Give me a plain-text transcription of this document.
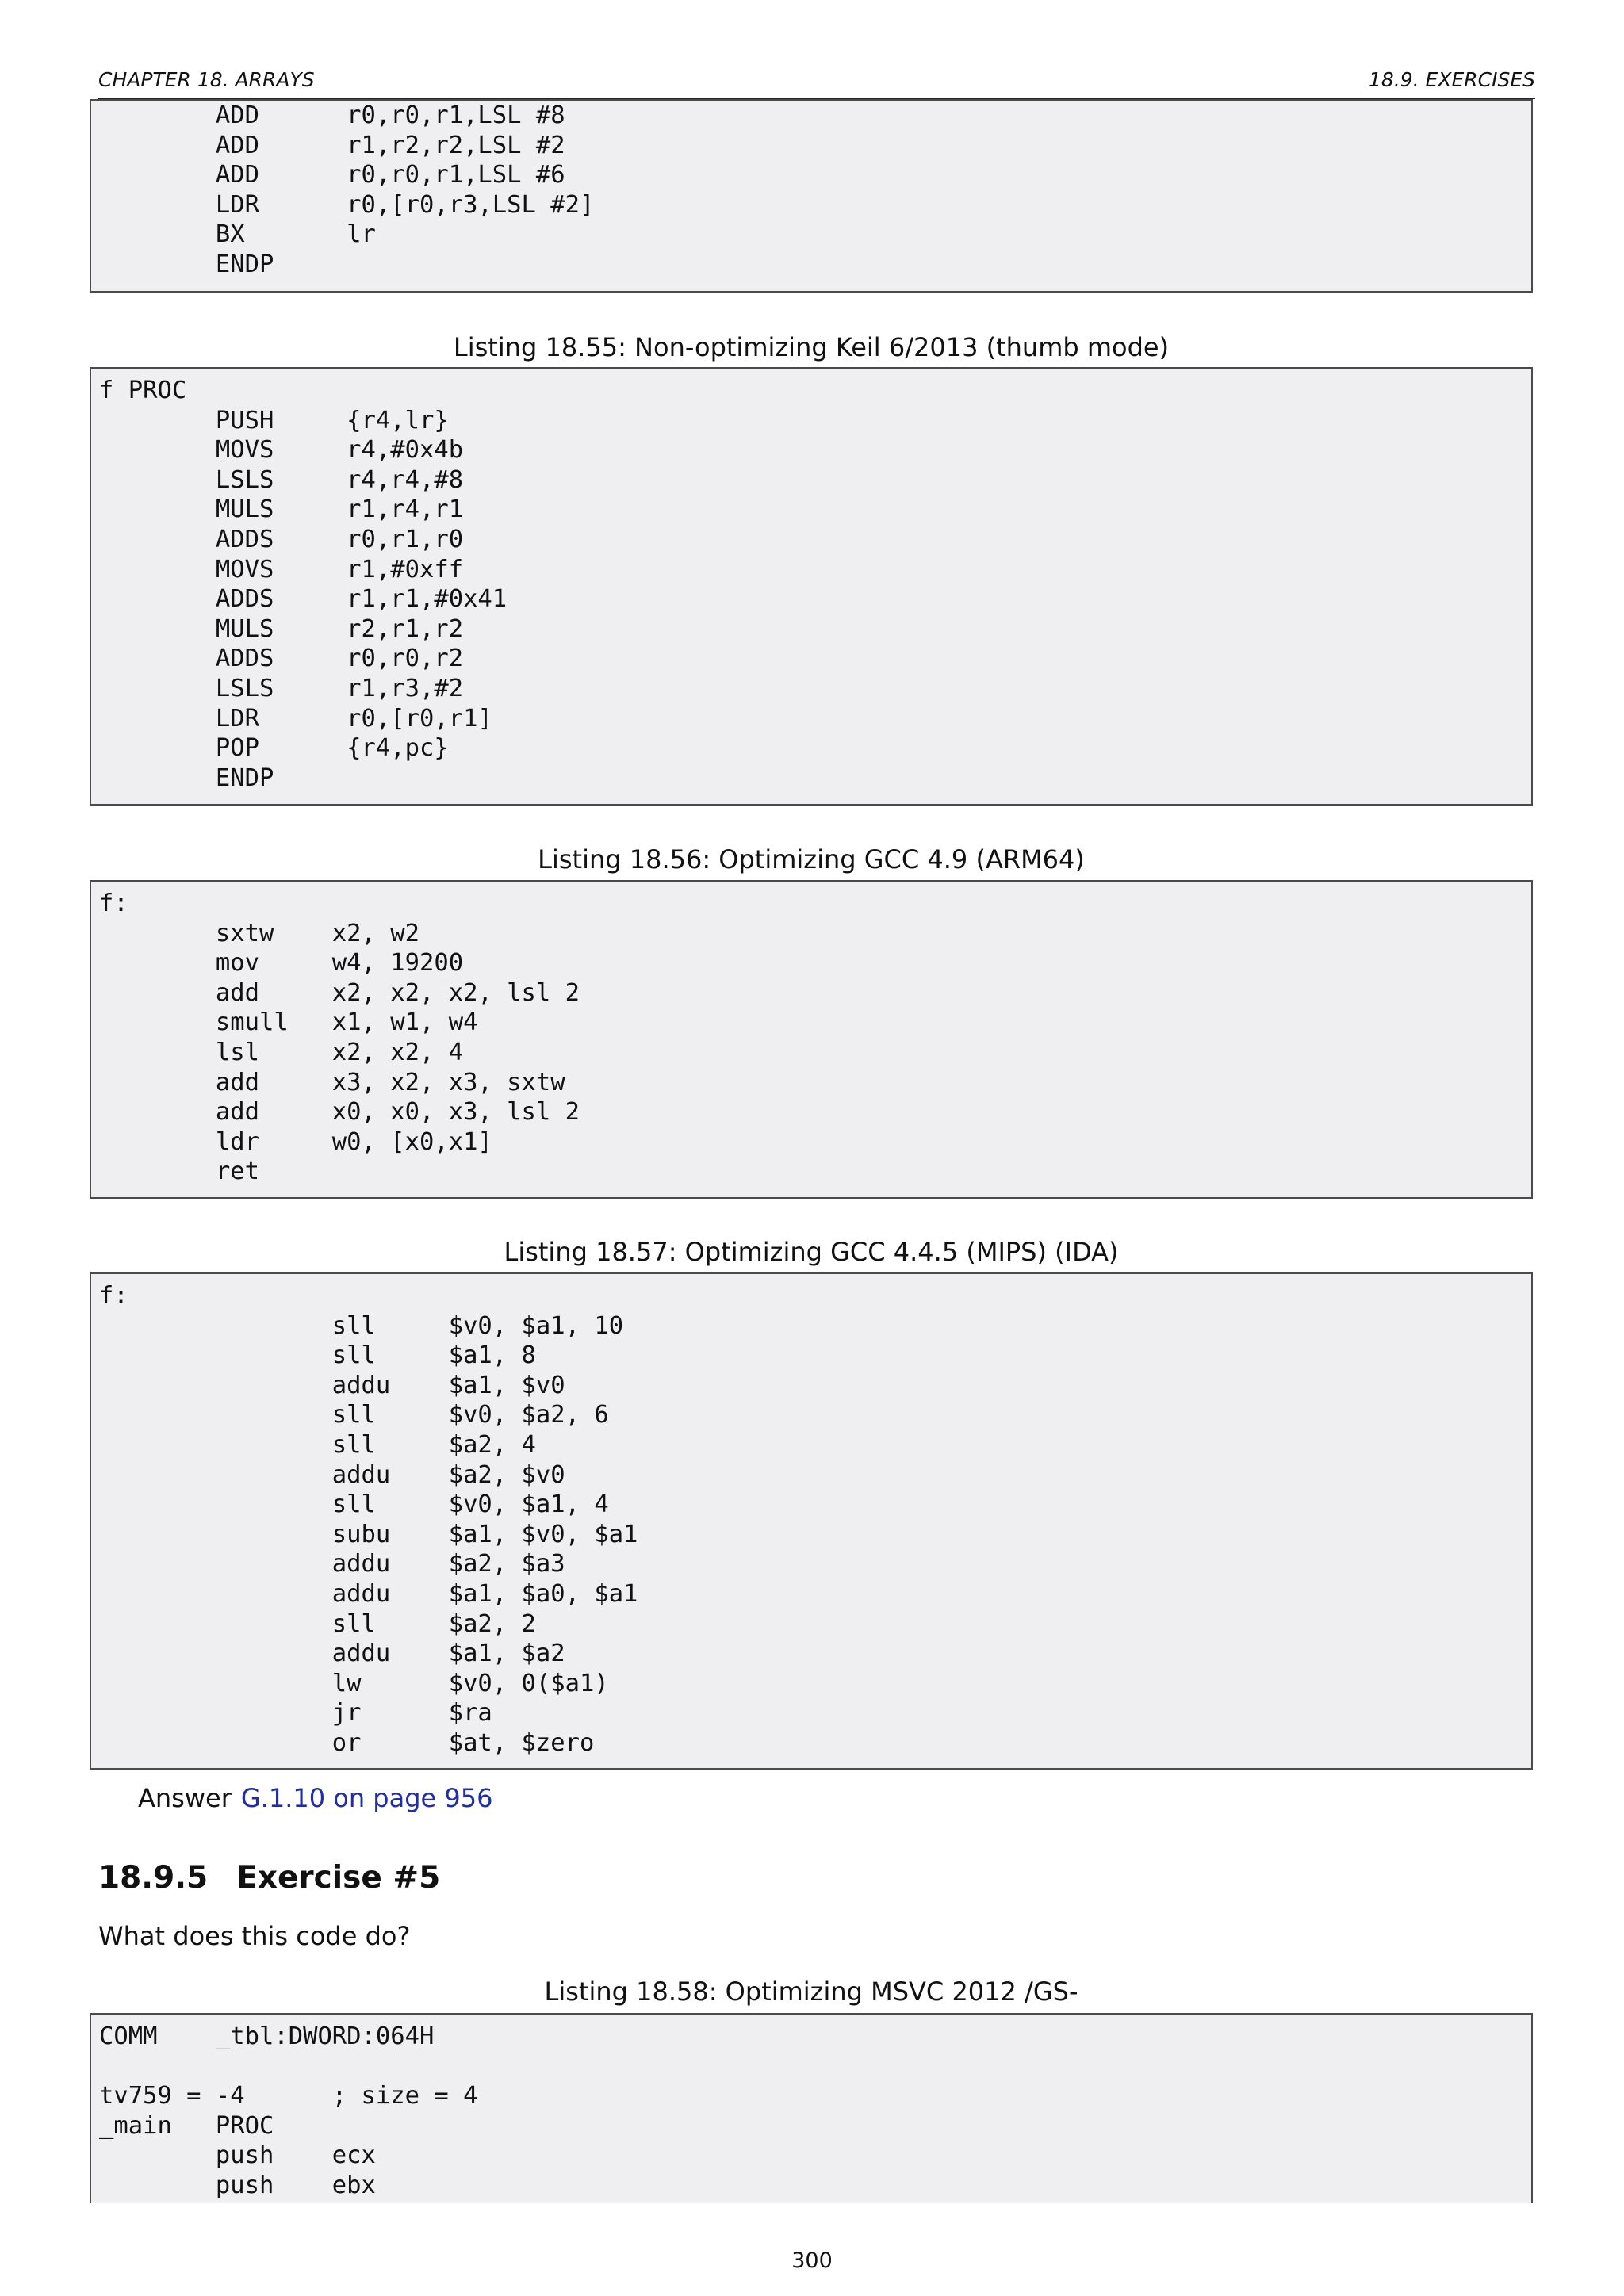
CHAPTER 18. ARRAYS	18.9. EXERCISES
ADD      r0,r0,r1,LSL #8
ADD      r1,r2,r2,LSL #2
ADD      r0,r0,r1,LSL #6
LDR      r0,[r0,r3,LSL #2]
BX       lr
ENDP
Listing 18.55: Non-optimizing Keil 6/2013 (thumb mode)
f PROC
PUSH     {r4,lr}
MOVS     r4,#0x4b
LSLS     r4,r4,#8
MULS     r1,r4,r1
ADDS     r0,r1,r0
MOVS     r1,#0xff
ADDS     r1,r1,#0x41
MULS     r2,r1,r2
ADDS     r0,r0,r2
LSLS     r1,r3,#2
LDR      r0,[r0,r1]
POP      {r4,pc}
ENDP
Listing 18.56: Optimizing GCC 4.9 (ARM64)
f:
sxtw    x2, w2
mov     w4, 19200
add     x2, x2, x2, lsl 2
smull   x1, w1, w4
lsl     x2, x2, 4
add     x3, x2, x3, sxtw
add     x0, x0, x3, lsl 2
ldr     w0, [x0,x1]
ret
Listing 18.57: Optimizing GCC 4.4.5 (MIPS) (IDA)
f:
sll     $v0, $a1, 10
sll     $a1, 8
addu    $a1, $v0
sll     $v0, $a2, 6
sll     $a2, 4
addu    $a2, $v0
sll     $v0, $a1, 4
subu    $a1, $v0, $a1
addu    $a2, $a3
addu    $a1, $a0, $a1
sll     $a2, 2
addu    $a1, $a2
lw      $v0, 0($a1)
jr      $ra
or      $at, $zero
Answer G.1.10 on page 956
18.9.5 Exercise #5
What does this code do?
Listing 18.58: Optimizing MSVC 2012 /GS-
COMM    _tbl:DWORD:064H

tv759 = -4      ; size = 4
_main   PROC
push    ecx
push    ebx
300
